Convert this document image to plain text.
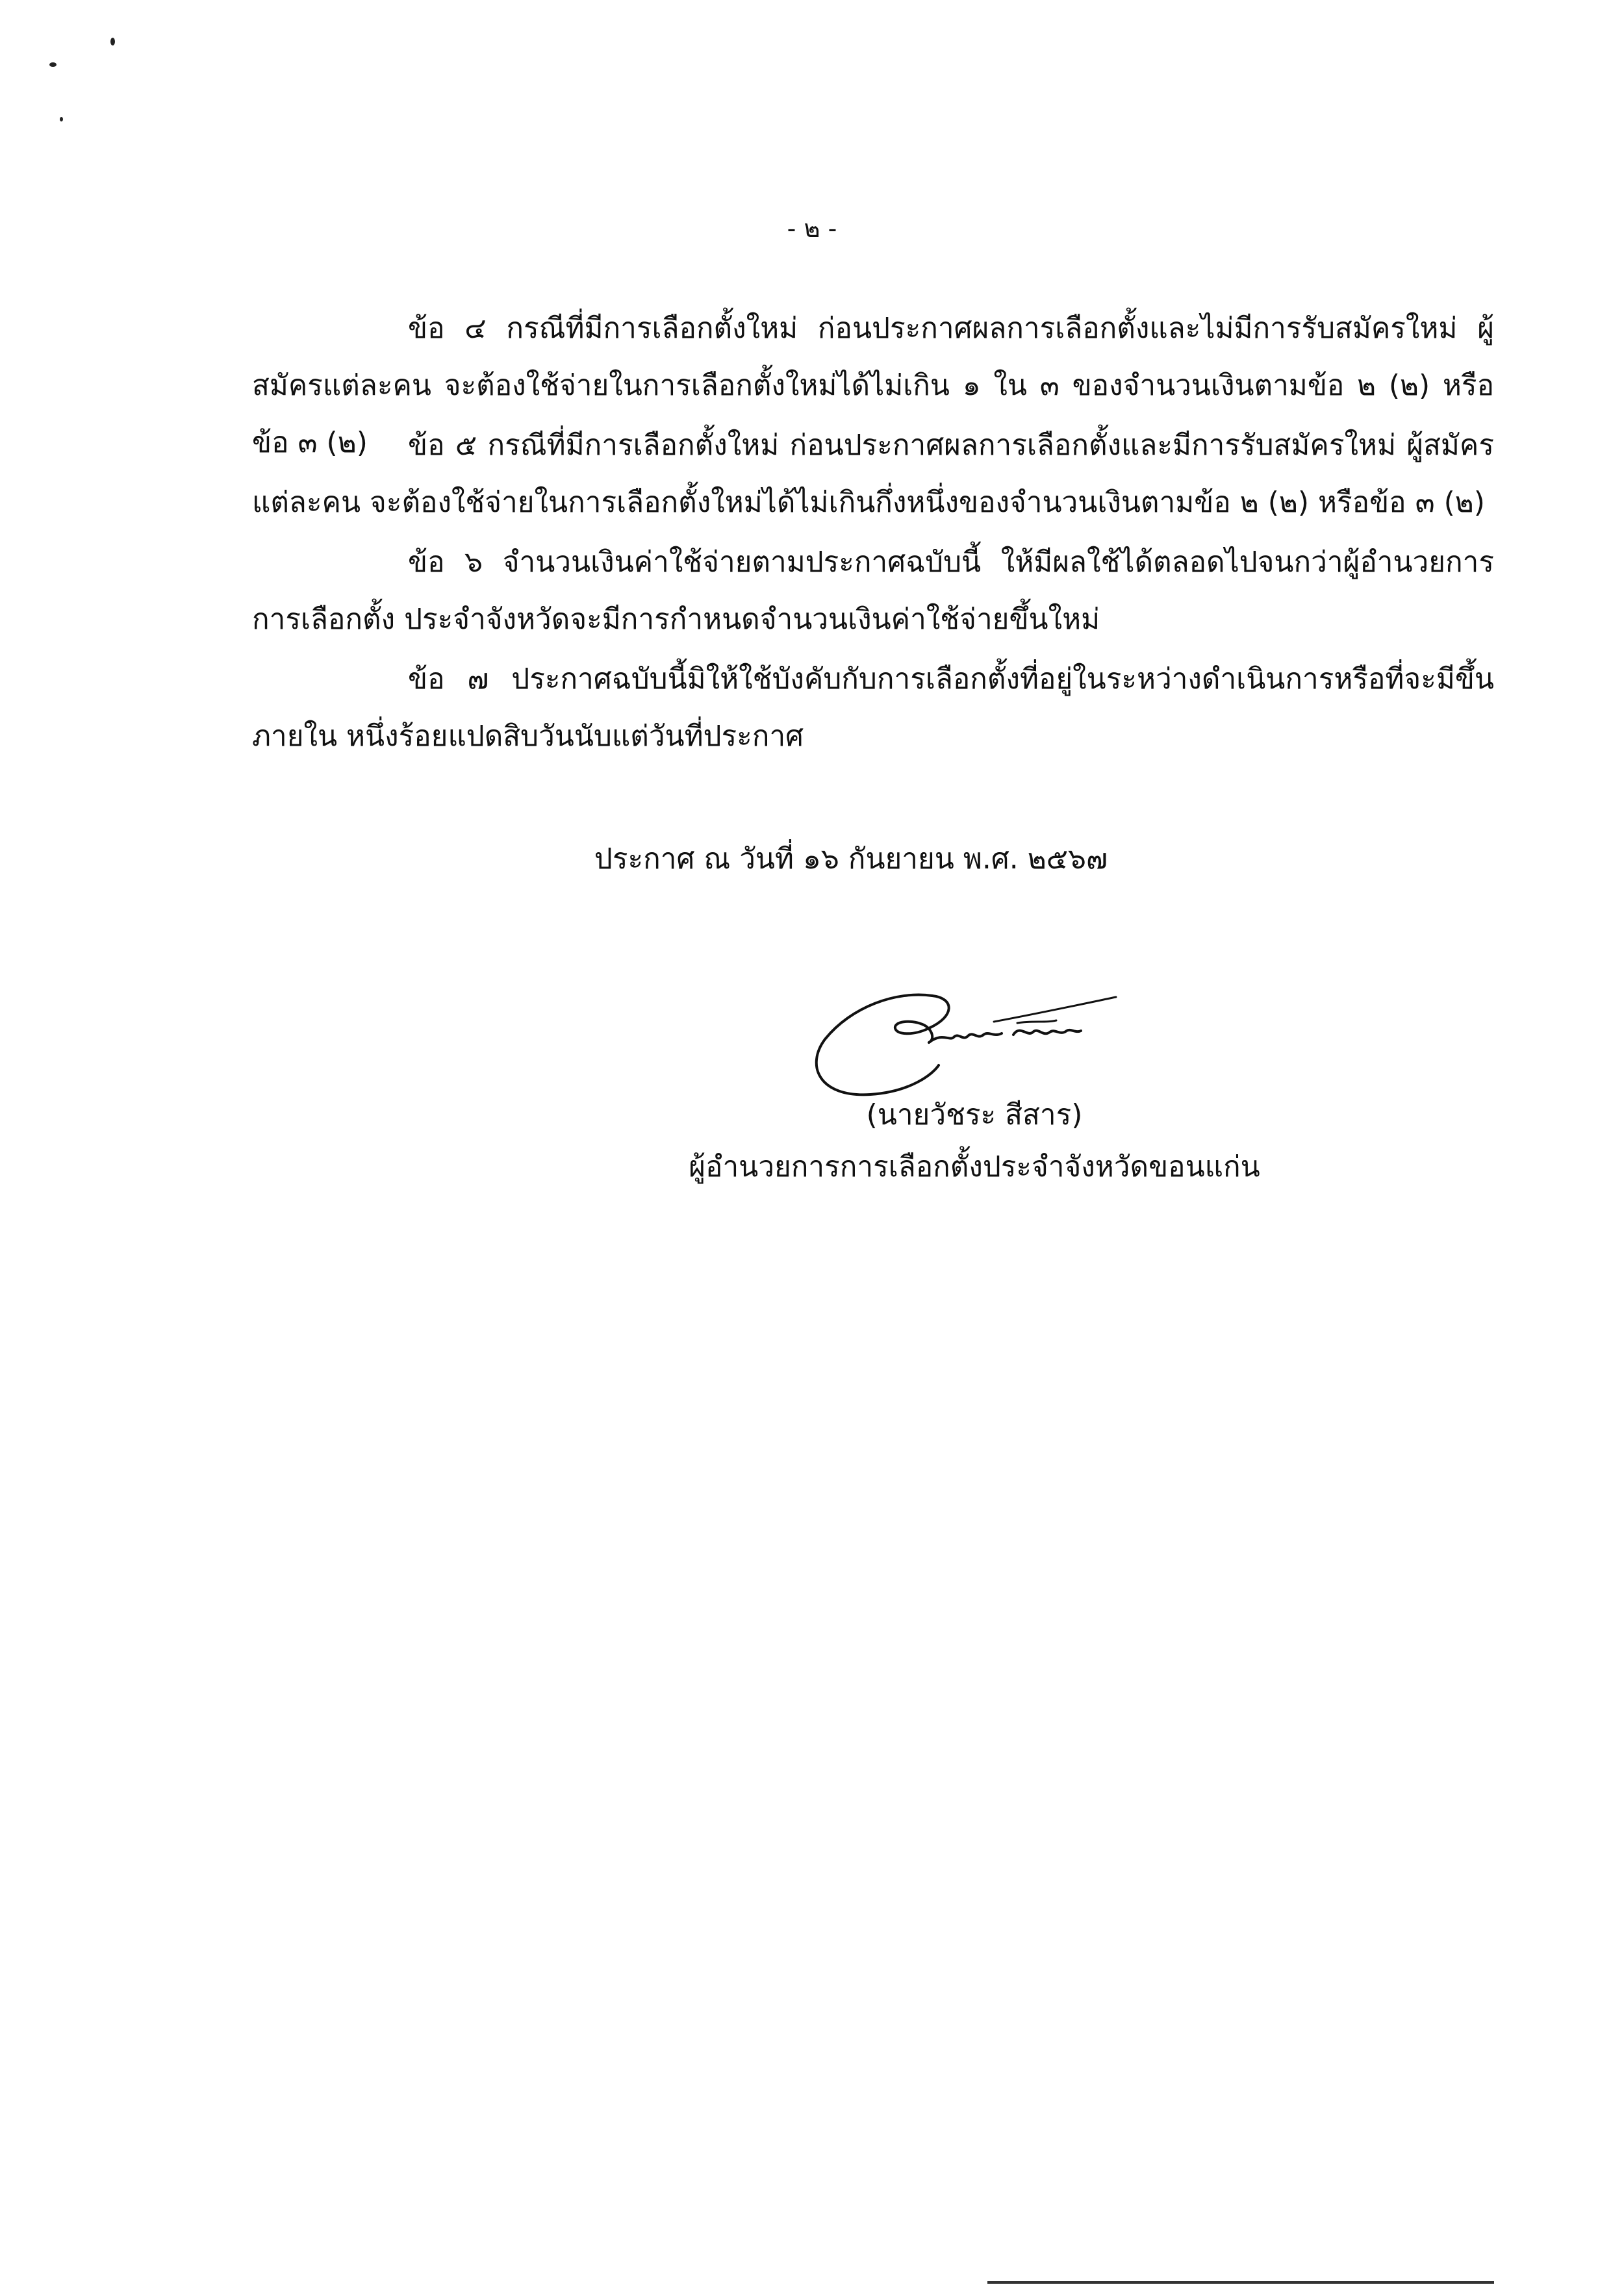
- ๒ -

ข้อ ๔ กรณีที่มีการเลือกตั้งใหม่ ก่อนประกาศผลการเลือกตั้งและไม่มีการรับสมัครใหม่ ผู้สมัครแต่ละคน จะต้องใช้จ่ายในการเลือกตั้งใหม่ได้ไม่เกิน ๑ ใน ๓ ของจำนวนเงินตามข้อ ๒ (๒) หรือข้อ ๓ (๒)	ข้อ ๕ กรณีที่มีการเลือกตั้งใหม่ ก่อนประกาศผลการเลือกตั้งและมีการรับสมัครใหม่ ผู้สมัครแต่ละคน จะต้องใช้จ่ายในการเลือกตั้งใหม่ได้ไม่เกินกึ่งหนึ่งของจำนวนเงินตามข้อ ๒ (๒) หรือข้อ ๓ (๒)

ข้อ ๖ จำนวนเงินค่าใช้จ่ายตามประกาศฉบับนี้ ให้มีผลใช้ได้ตลอดไปจนกว่าผู้อำนวยการการเลือกตั้ง ประจำจังหวัดจะมีการกำหนดจำนวนเงินค่าใช้จ่ายขึ้นใหม่

ข้อ ๗ ประกาศฉบับนี้มิให้ใช้บังคับกับการเลือกตั้งที่อยู่ในระหว่างดำเนินการหรือที่จะมีขึ้นภายใน หนึ่งร้อยแปดสิบวันนับแต่วันที่ประกาศ

ประกาศ ณ วันที่ ๑๖ กันยายน พ.ศ. ๒๕๖๗
(นายวัชระ สีสาร)
ผู้อำนวยการการเลือกตั้งประจำจังหวัดขอนแก่น
